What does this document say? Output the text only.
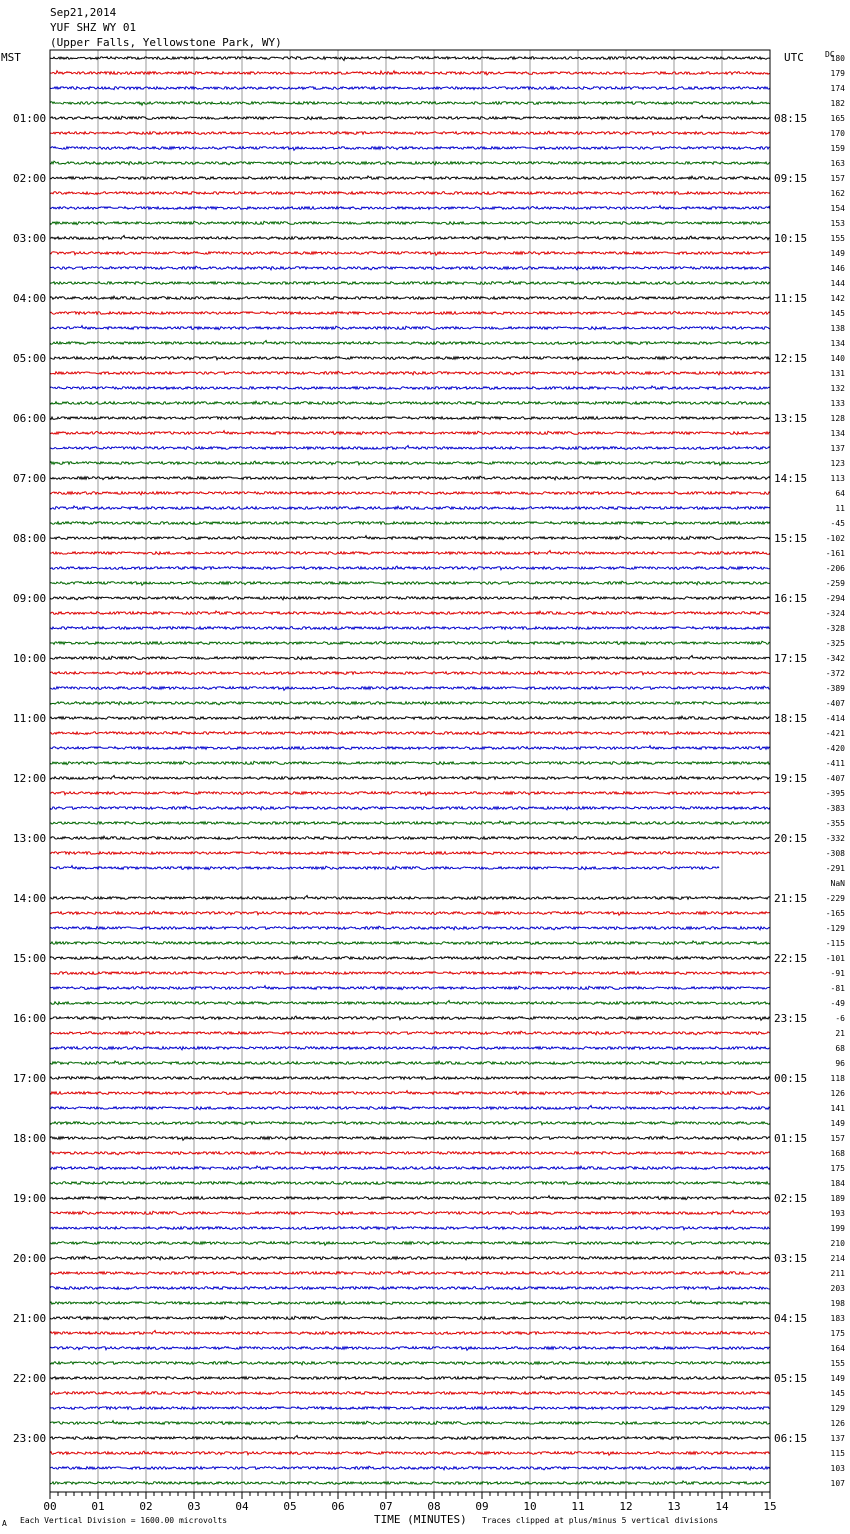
Sep21,2014
YUF SHZ WY 01
(Upper Falls, Yellowstone Park, WY)
MST	UTC	DC
01:00
02:00
03:00
04:00
05:00
06:00
07:00
08:00
09:00
10:00
11:00
12:00
13:00
14:00
15:00
16:00
17:00
18:00
19:00
20:00
21:00
22:00
23:00
08:15
09:15
10:15
11:15
12:15
13:15
14:15
15:15
16:15
17:15
18:15
19:15
20:15
21:15
22:15
23:15
00:15
01:15
02:15
03:15
04:15
05:15
06:15
180
179
174
182
165
170
159
163
157
162
154
153
155
149
146
144
142
145
138
134
140
131
132
133
128
134
137
123
113
64
11
-45
-102
-161
-206
-259
-294
-324
-328
-325
-342
-372
-389
-407
-414
-421
-420
-411
-407
-395
-383
-355
-332
-308
-291
NaN
-229
-165
-129
-115
-101
-91
-81
-49
-6
21
68
96
118
126
141
149
157
168
175
184
189
193
199
210
214
211
203
198
183
175
164
155
149
145
129
126
137
115
103
107
00	01	02	03	04	05	06	07	08	09	10	11	12	13	14	15
TIME (MINUTES)
Each Vertical Division = 1600.00 microvolts	Traces clipped at plus/minus 5 vertical divisions
A
